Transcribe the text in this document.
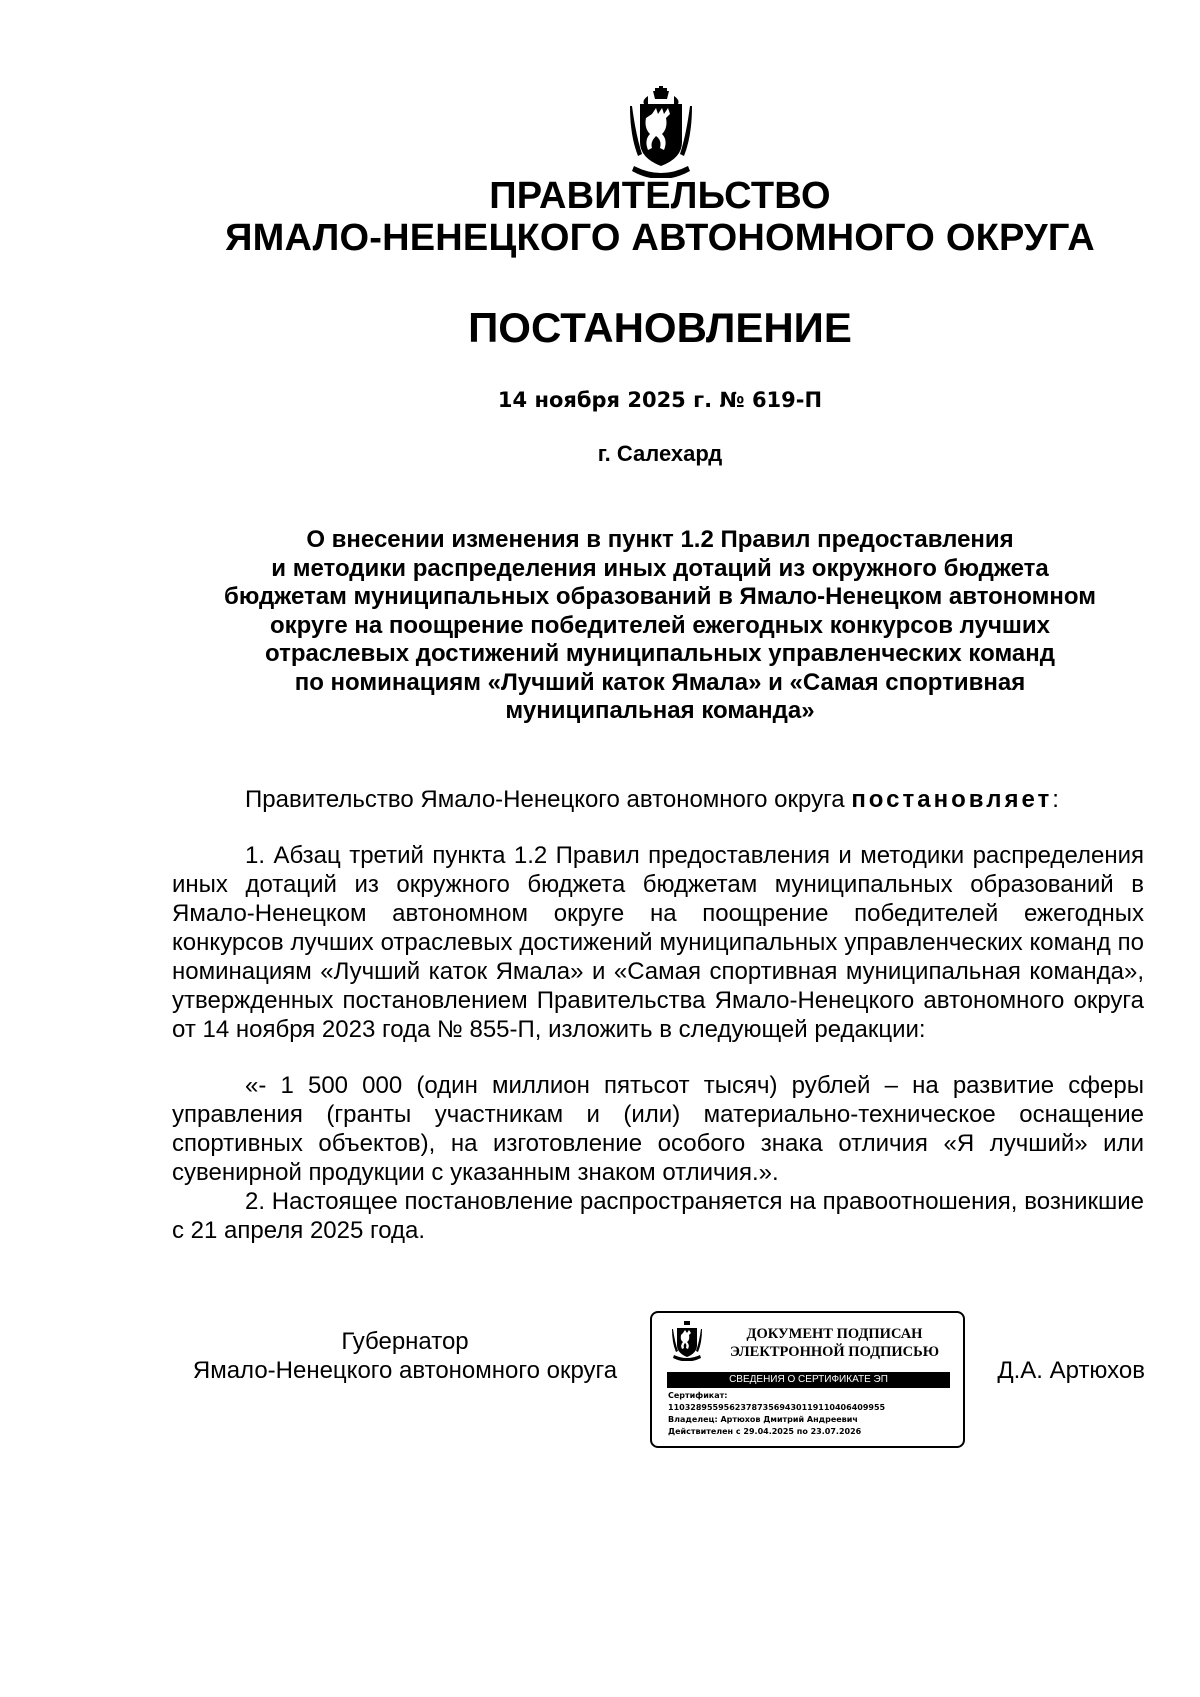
ПРАВИТЕЛЬСТВО
ЯМАЛО-НЕНЕЦКОГО АВТОНОМНОГО ОКРУГА
ПОСТАНОВЛЕНИЕ
14 ноября 2025 г. № 619-П
г. Салехард
О внесении изменения в пункт 1.2 Правил предоставления
и методики распределения иных дотаций из окружного бюджета
бюджетам муниципальных образований в Ямало-Ненецком автономном
округе на поощрение победителей ежегодных конкурсов лучших
отраслевых достижений муниципальных управленческих команд
по номинациям «Лучший каток Ямала» и «Самая спортивная
муниципальная команда»
Правительство Ямало-Ненецкого автономного округа постановляет:

1. Абзац третий пункта 1.2 Правил предоставления и методики распределения иных дотаций из окружного бюджета бюджетам муниципальных образований в Ямало-Ненецком автономном округе на поощрение победителей ежегодных конкурсов лучших отраслевых достижений муниципальных управленческих команд по номинациям «Лучший каток Ямала» и «Самая спортивная муниципальная команда», утвержденных постановлением Правительства Ямало-Ненецкого автономного округа от 14 ноября 2023 года № 855-П, изложить в следующей редакции:

«- 1 500 000 (один миллион пятьсот тысяч) рублей – на развитие сферы управления (гранты участникам и (или) материально-техническое оснащение спортивных объектов), на изготовление особого знака отличия «Я лучший» или сувенирной продукции с указанным знаком отличия.».

2. Настоящее постановление распространяется на правоотношения, возникшие с 21 апреля 2025 года.

Губернатор
Ямало-Ненецкого автономного округа
ДОКУМЕНТ ПОДПИСАН
ЭЛЕКТРОННОЙ ПОДПИСЬЮ
СВЕДЕНИЯ О СЕРТИФИКАТЕ ЭП
Сертификат:
110328955956237873569430119110406409955
Владелец: Артюхов Дмитрий Андреевич
Действителен с 29.04.2025 по 23.07.2026
Д.А. Артюхов
